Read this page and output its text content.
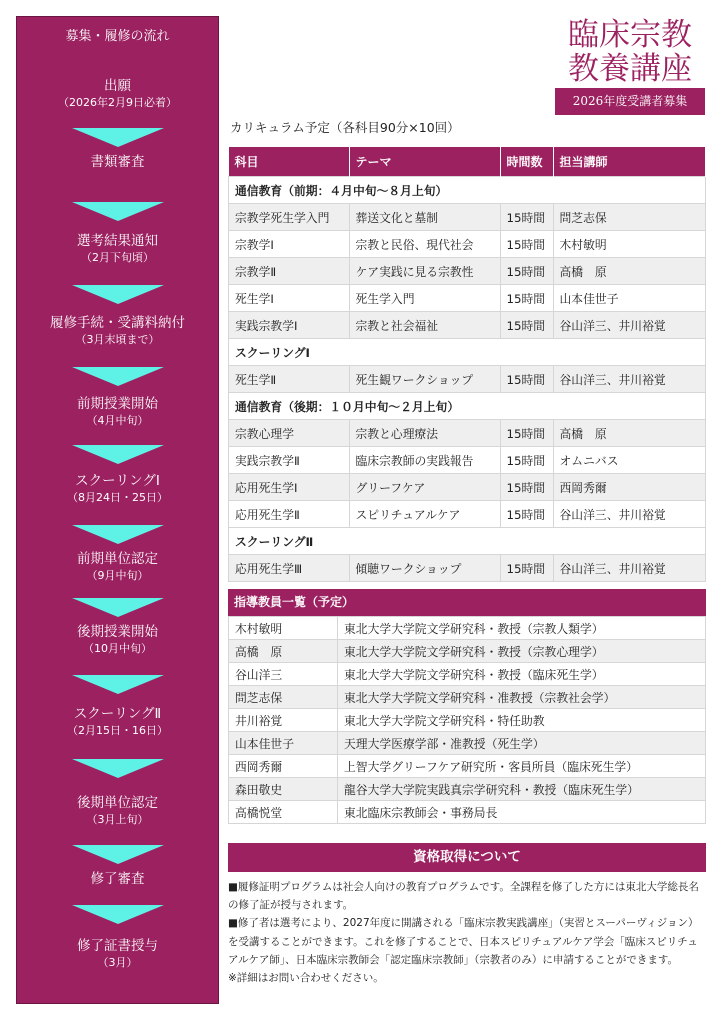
募集・履修の流れ
出願
（2026年2月9日必着）
書類審査
選考結果通知
（2月下旬頃）
履修手続・受講料納付
（3月末頃まで）
前期授業開始
（4月中旬）
スクーリングⅠ
（8月24日・25日）
前期単位認定
（9月中旬）
後期授業開始
（10月中旬）
スクーリングⅡ
（2月15日・16日）
後期単位認定
（3月上旬）
修了審査
修了証書授与
（3月）
臨床宗教
教養講座
2026年度受講者募集
カリキュラム予定（各科目90分×10回）
科目	テーマ	時間数	担当講師
通信教育（前期：４月中旬〜８月上旬）			
宗教学死生学入門	葬送文化と墓制	15時間	問芝志保
宗教学Ⅰ	宗教と民俗、現代社会	15時間	木村敏明
宗教学Ⅱ	ケア実践に見る宗教性	15時間	高橋　原
死生学Ⅰ	死生学入門	15時間	山本佳世子
実践宗教学Ⅰ	宗教と社会福祉	15時間	谷山洋三、井川裕覚
スクーリングⅠ			
死生学Ⅱ	死生観ワークショップ	15時間	谷山洋三、井川裕覚
通信教育（後期：１０月中旬〜２月上旬）			
宗教心理学	宗教と心理療法	15時間	高橋　原
実践宗教学Ⅱ	臨床宗教師の実践報告	15時間	オムニバス
応用死生学Ⅰ	グリーフケア	15時間	西岡秀爾
応用死生学Ⅱ	スピリチュアルケア	15時間	谷山洋三、井川裕覚
スクーリングⅡ			
応用死生学Ⅲ	傾聴ワークショップ	15時間	谷山洋三、井川裕覚
指導教員一覧（予定）
木村敏明	東北大学大学院文学研究科・教授（宗教人類学）
高橋　原	東北大学大学院文学研究科・教授（宗教心理学）
谷山洋三	東北大学大学院文学研究科・教授（臨床死生学）
問芝志保	東北大学大学院文学研究科・准教授（宗教社会学）
井川裕覚	東北大学大学院文学研究科・特任助教
山本佳世子	天理大学医療学部・准教授（死生学）
西岡秀爾	上智大学グリーフケア研究所・客員所員（臨床死生学）
森田敬史	龍谷大学大学院実践真宗学研究科・教授（臨床死生学）
高橋悦堂	東北臨床宗教師会・事務局長
資格取得について

■履修証明プログラムは社会人向けの教育プログラムです。全課程を修了した方には東北大学総長名の修了証が授与されます。

■修了者は選考により、2027年度に開講される「臨床宗教実践講座」（実習とスーパーヴィジョン）を受講することができます。これを修了することで、日本スピリチュアルケア学会「臨床スピリチュアルケア師」、日本臨床宗教師会「認定臨床宗教師」（宗教者のみ）に申請することができます。

※詳細はお問い合わせください。
